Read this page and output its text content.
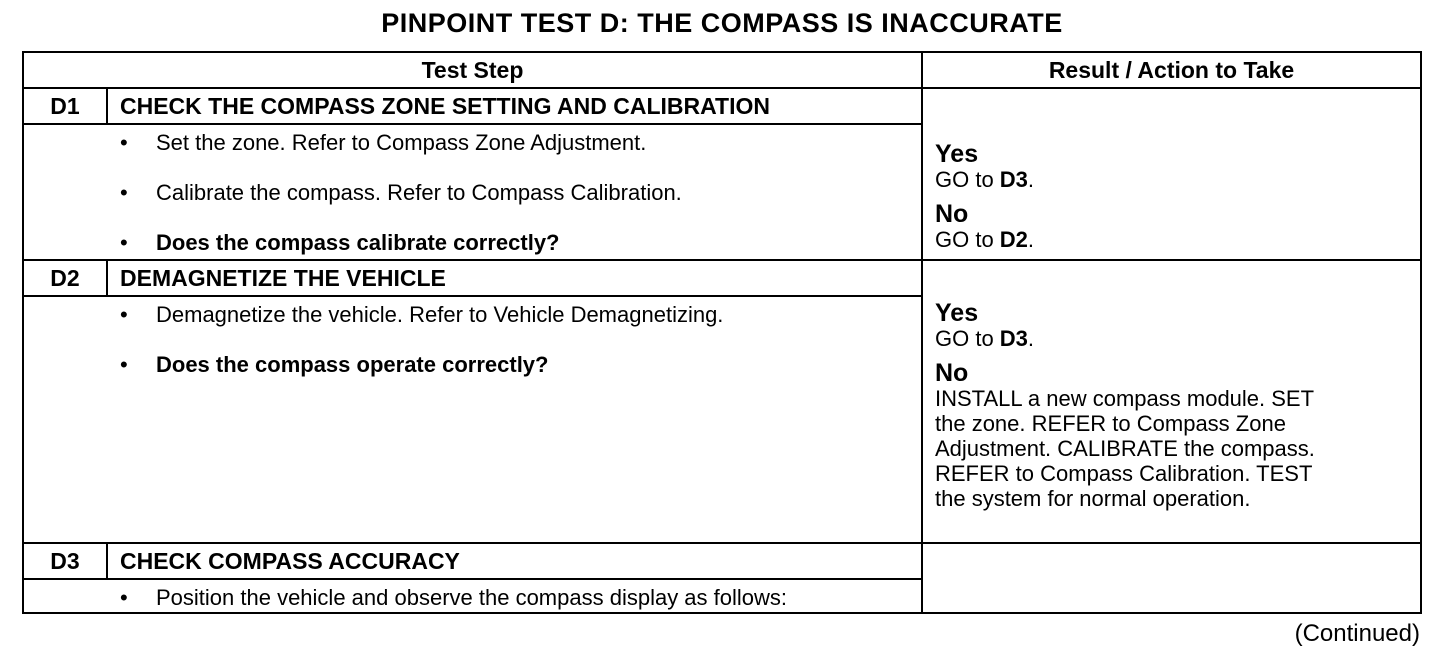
PINPOINT TEST D: THE COMPASS IS INACCURATE
Test Step	Result / Action to Take
D1	CHECK THE COMPASS ZONE SETTING AND CALIBRATION
• Set the zone. Refer to Compass Zone Adjustment.
• Calibrate the compass. Refer to Compass Calibration.
• Does the compass calibrate correctly?
Yes
GO to D3.
No
GO to D2.
D2	DEMAGNETIZE THE VEHICLE
• Demagnetize the vehicle. Refer to Vehicle Demagnetizing.
• Does the compass operate correctly?
Yes
GO to D3.
No
INSTALL a new compass module. SET
the zone. REFER to Compass Zone
Adjustment. CALIBRATE the compass.
REFER to Compass Calibration. TEST
the system for normal operation.
D3	CHECK COMPASS ACCURACY
• Position the vehicle and observe the compass display as follows:
(Continued)
